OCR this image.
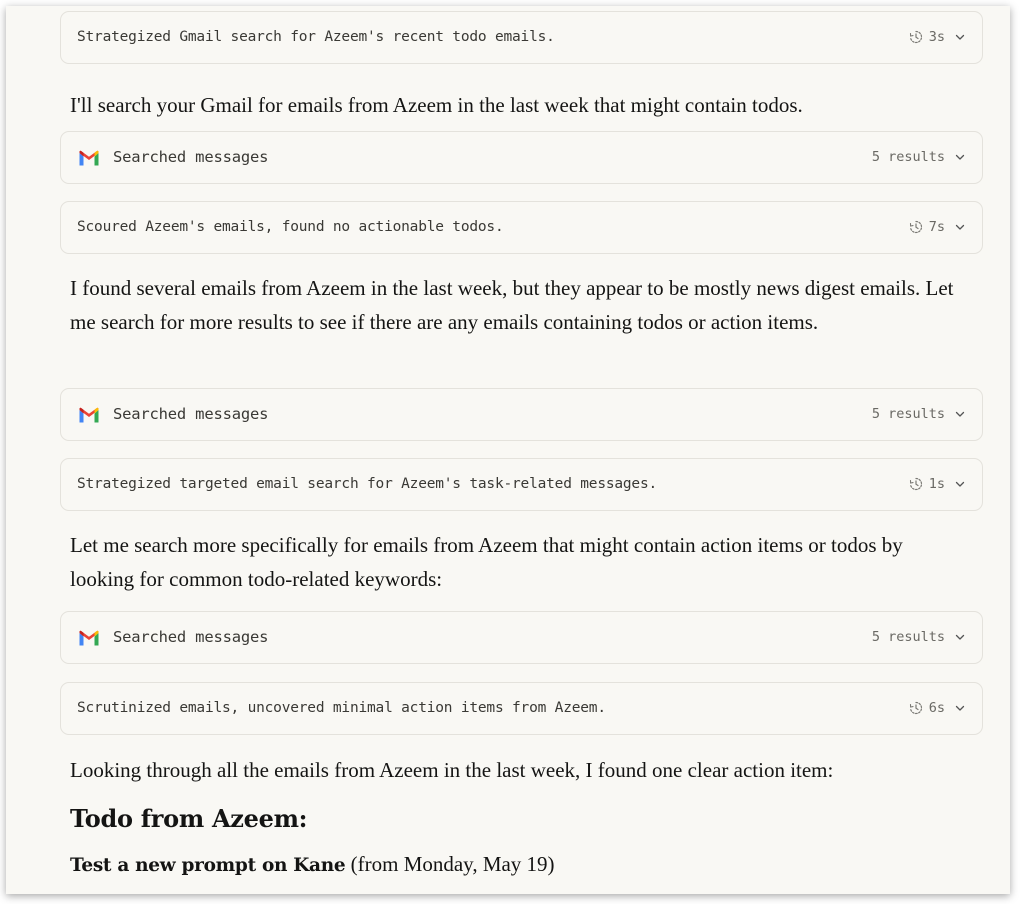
Strategized Gmail search for Azeem's recent todo emails.	3s

I'll search your Gmail for emails from Azeem in the last week that might contain todos.

Searched messages	5 results
Scoured Azeem's emails, found no actionable todos.	7s

I found several emails from Azeem in the last week, but they appear to be mostly news digest emails. Let me search for more results to see if there are any emails containing todos or action items.

Searched messages	5 results
Strategized targeted email search for Azeem's task-related messages.	1s

Let me search more specifically for emails from Azeem that might contain action items or todos by looking for common todo-related keywords:

Searched messages	5 results
Scrutinized emails, uncovered minimal action items from Azeem.	6s

Looking through all the emails from Azeem in the last week, I found one clear action item:

Todo from Azeem:

Test a new prompt on Kane (from Monday, May 19)
